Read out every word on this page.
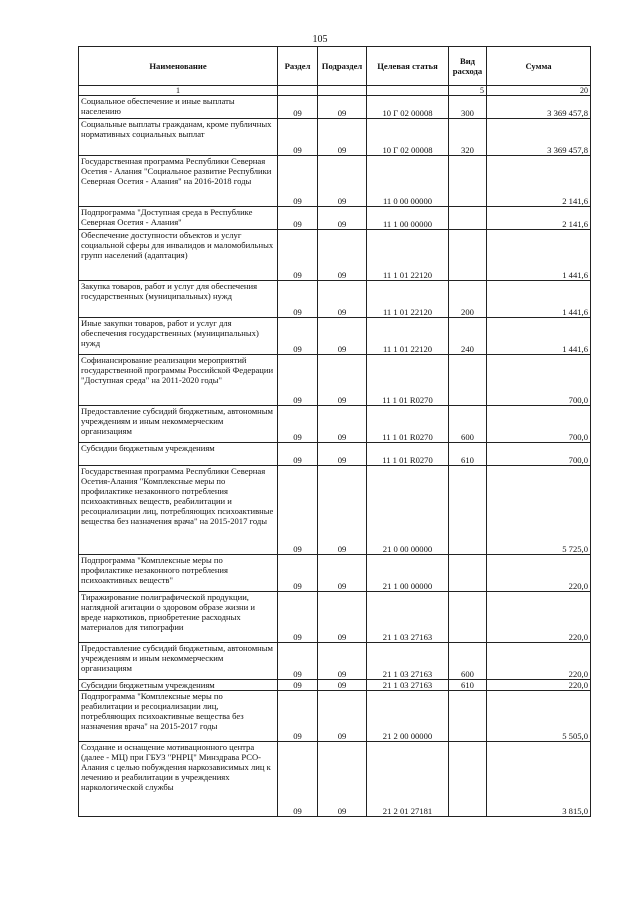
105
Наименование	Раздел	Подраздел	Целевая статья	Вид расхода	Сумма
1				5	20
Социальное обеспечение и иные выплаты населению	09	09	10 Г 02 00008	300	3 369 457,8
Социальные выплаты гражданам, кроме публичных нормативных социальных выплат	09	09	10 Г 02 00008	320	3 369 457,8
Государственная программа Республики Северная Осетия - Алания "Социальное развитие Республики Северная Осетия - Алания" на 2016-2018 годы	09	09	11 0 00 00000		2 141,6
Подпрограмма "Доступная среда в Республике Северная Осетия - Алания"	09	09	11 1 00 00000		2 141,6
Обеспечение доступности объектов и услуг социальной сферы для инвалидов и маломобильных групп населений (адаптация)	09	09	11 1 01 22120		1 441,6
Закупка товаров, работ и услуг для обеспечения государственных (муниципальных) нужд	09	09	11 1 01 22120	200	1 441,6
Иные закупки товаров, работ и услуг для обеспечения государственных (муниципальных) нужд	09	09	11 1 01 22120	240	1 441,6
Софинансирование реализации мероприятий государственной программы Российской Федерации "Доступная среда" на 2011-2020 годы"	09	09	11 1 01 R0270		700,0
Предоставление субсидий бюджетным, автономным учреждениям и иным некоммерческим организациям	09	09	11 1 01 R0270	600	700,0
Субсидии бюджетным учреждениям	09	09	11 1 01 R0270	610	700,0
Государственная программа Республики Северная Осетия-Алания "Комплексные меры по профилактике незаконного потребления психоактивных веществ, реабилитации и ресоциализации лиц, потребляющих психоактивные вещества без назначения врача" на 2015-2017 годы	09	09	21 0 00 00000		5 725,0
Подпрограмма "Комплексные меры по профилактике незаконного потребления психоактивных веществ"	09	09	21 1 00 00000		220,0
Тиражирование полиграфической продукции, наглядной агитации о здоровом образе жизни и вреде наркотиков, приобретение расходных материалов для типографии	09	09	21 1 03 27163		220,0
Предоставление субсидий бюджетным, автономным учреждениям и иным некоммерческим организациям	09	09	21 1 03 27163	600	220,0
Субсидии бюджетным учреждениям	09	09	21 1 03 27163	610	220,0
Подпрограмма "Комплексные меры по реабилитации и ресоциализации лиц, потребляющих психоактивные вещества без назначения врача" на 2015-2017 годы	09	09	21 2 00 00000		5 505,0
Создание и оснащение мотивационного центра (далее - МЦ) при ГБУЗ "РНРЦ" Минздрава РСО-Алания с целью побуждения наркозависимых лиц к лечению и реабилитации в учреждениях наркологической службы	09	09	21 2 01 27181		3 815,0
